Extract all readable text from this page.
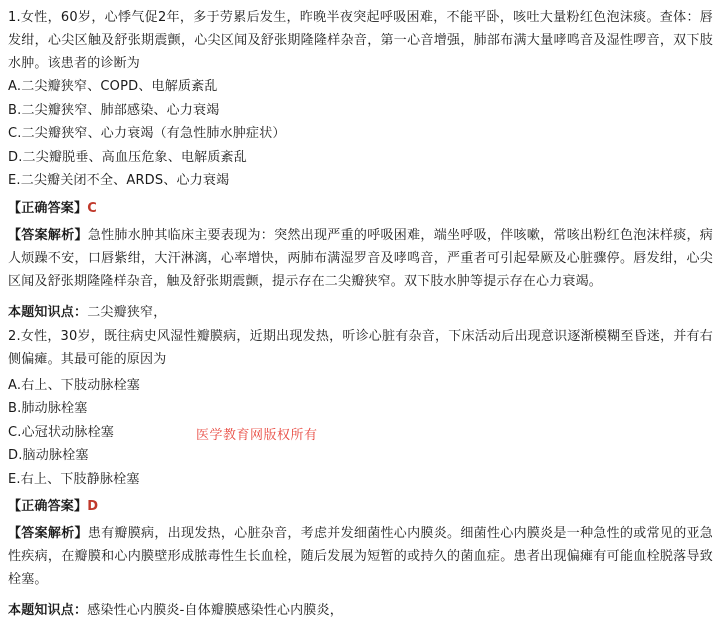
1.女性，60岁，心悸气促2年，多于劳累后发生，昨晚半夜突起呼吸困难，不能平卧，咳吐大量粉红色泡沫痰。查体：唇发绀，心尖区触及舒张期震颤，心尖区闻及舒张期隆隆样杂音，第一心音增强，肺部布满大量哮鸣音及湿性啰音，双下肢水肿。该患者的诊断为

A.二尖瓣狭窄、COPD、电解质紊乱

B.二尖瓣狭窄、肺部感染、心力衰竭

C.二尖瓣狭窄、心力衰竭（有急性肺水肿症状）

D.二尖瓣脱垂、高血压危象、电解质紊乱

E.二尖瓣关闭不全、ARDS、心力衰竭

【正确答案】C

【答案解析】急性肺水肿其临床主要表现为：突然出现严重的呼吸困难，端坐呼吸，伴咳嗽，常咳出粉红色泡沫样痰，病人烦躁不安，口唇紫绀，大汗淋漓，心率增快，两肺布满湿罗音及哮鸣音，严重者可引起晕厥及心脏骤停。唇发绀，心尖区闻及舒张期隆隆样杂音，触及舒张期震颤，提示存在二尖瓣狭窄。双下肢水肿等提示存在心力衰竭。

本题知识点：二尖瓣狭窄，

2.女性，30岁，既往病史风湿性瓣膜病，近期出现发热，听诊心脏有杂音，下床活动后出现意识逐渐模糊至昏迷，并有右侧偏瘫。其最可能的原因为

A.右上、下肢动脉栓塞

B.肺动脉栓塞

C.心冠状动脉栓塞

D.脑动脉栓塞

E.右上、下肢静脉栓塞

【正确答案】D

【答案解析】患有瓣膜病，出现发热，心脏杂音，考虑并发细菌性心内膜炎。细菌性心内膜炎是一种急性的或常见的亚急性疾病，在瓣膜和心内膜壁形成脓毒性生长血栓，随后发展为短暂的或持久的菌血症。患者出现偏瘫有可能血栓脱落导致栓塞。

本题知识点：感染性心内膜炎-自体瓣膜感染性心内膜炎，

医学教育网版权所有
